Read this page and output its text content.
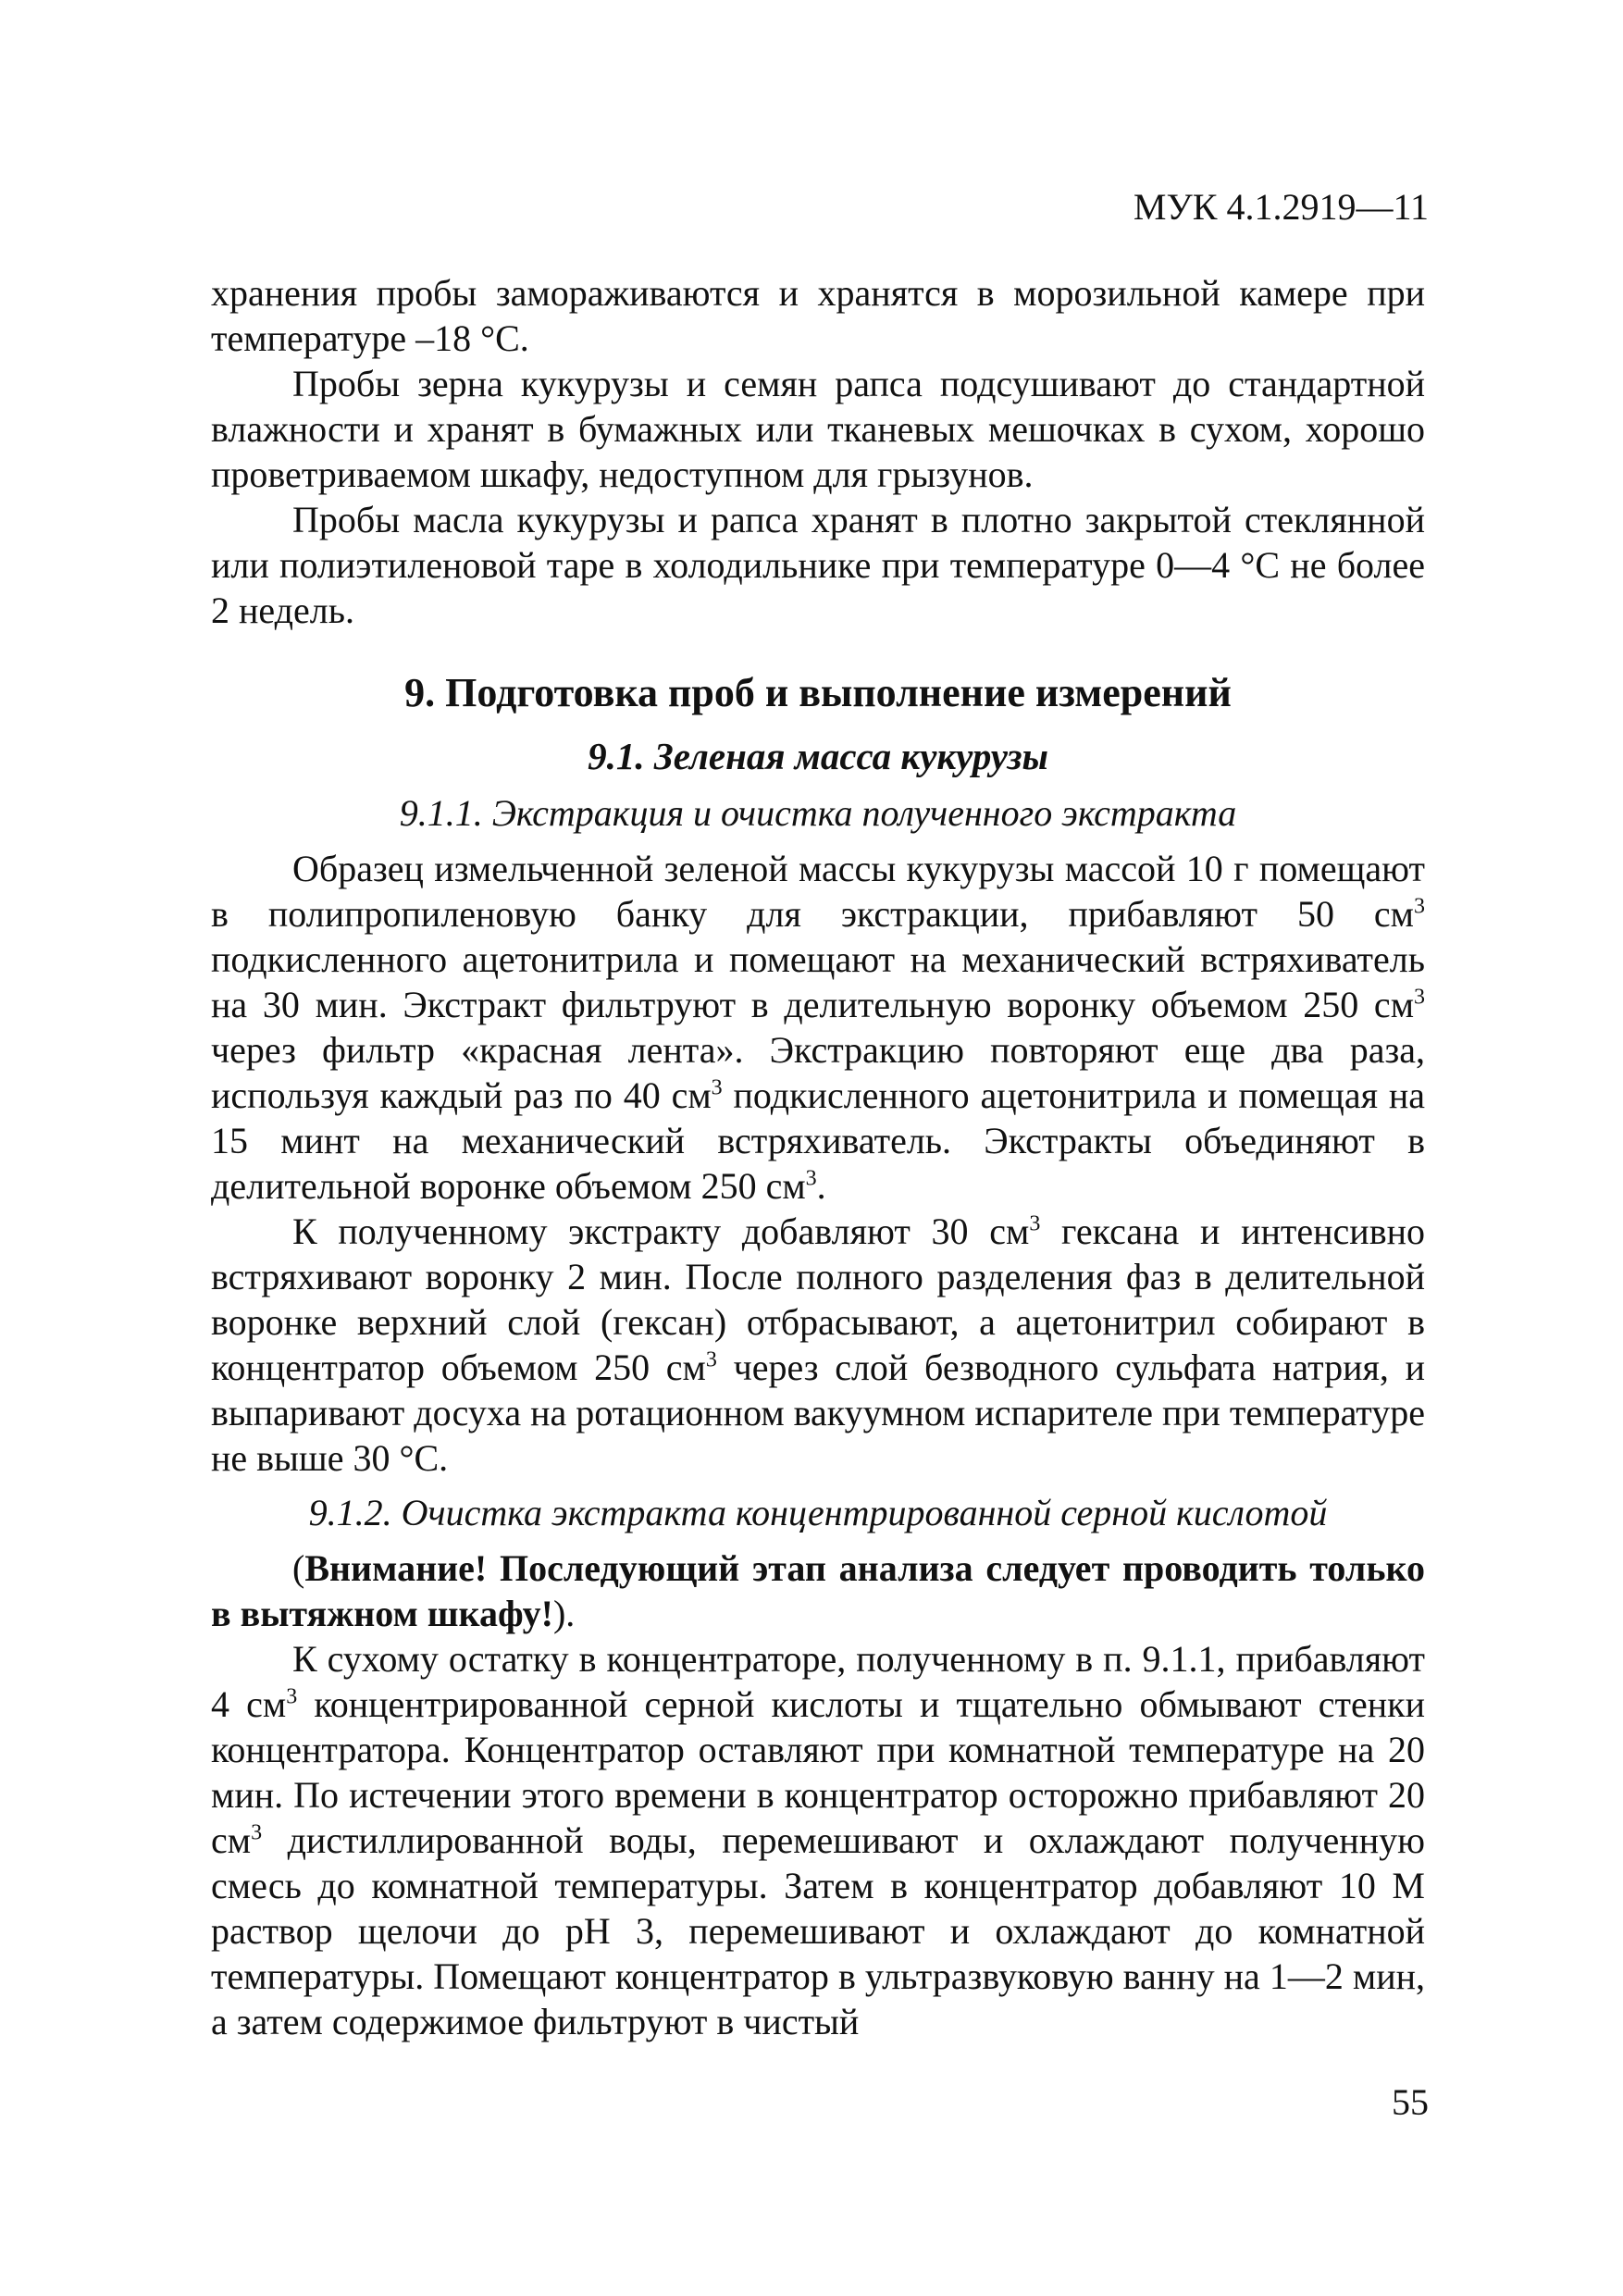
МУК 4.1.2919—11

хранения пробы замораживаются и хранятся в морозильной камере при температуре –18 °С.

Пробы зерна кукурузы и семян рапса подсушивают до стандартной влажности и хранят в бумажных или тканевых мешочках в сухом, хорошо проветриваемом шкафу, недоступном для грызунов.

Пробы масла кукурузы и рапса хранят в плотно закрытой стеклянной или полиэтиленовой таре в холодильнике при температуре 0—4 °С не более 2 недель.

9. Подготовка проб и выполнение измерений
9.1. Зеленая масса кукурузы
9.1.1. Экстракция и очистка полученного экстракта

Образец измельченной зеленой массы кукурузы массой 10 г помещают в полипропиленовую банку для экстракции, прибавляют 50 $см^3$ подкисленного ацетонитрила и помещают на механический встряхиватель на 30 мин. Экстракт фильтруют в делительную воронку объемом 250 $см^3$ через фильтр «красная лента». Экстракцию повторяют еще два раза, используя каждый раз по 40 $см^3$ подкисленного ацетонитрила и помещая на 15 минт на механический встряхиватель. Экстракты объединяют в делительной воронке объемом 250 $см^3$.

К полученному экстракту добавляют 30 $см^3$ гексана и интенсивно встряхивают воронку 2 мин. После полного разделения фаз в делительной воронке верхний слой (гексан) отбрасывают, а ацетонитрил собирают в концентратор объемом 250 $см^3$ через слой безводного сульфата натрия, и выпаривают досуха на ротационном вакуумном испарителе при температуре не выше 30 °С.

9.1.2. Очистка экстракта концентрированной серной кислотой

(Внимание! Последующий этап анализа следует проводить только в вытяжном шкафу!).

К сухому остатку в концентраторе, полученному в п. 9.1.1, прибавляют 4 $см^3$ концентрированной серной кислоты и тщательно обмывают стенки концентратора. Концентратор оставляют при комнатной температуре на 20 мин. По истечении этого времени в концентратор осторожно прибавляют 20 $см^3$ дистиллированной воды, перемешивают и охлаждают полученную смесь до комнатной температуры. Затем в концентратор добавляют 10 М раствор щелочи до рН 3, перемешивают и охлаждают до комнатной температуры. Помещают концентратор в ультразвуковую ванну на 1—2 мин, а затем содержимое фильтруют в чистый

55
